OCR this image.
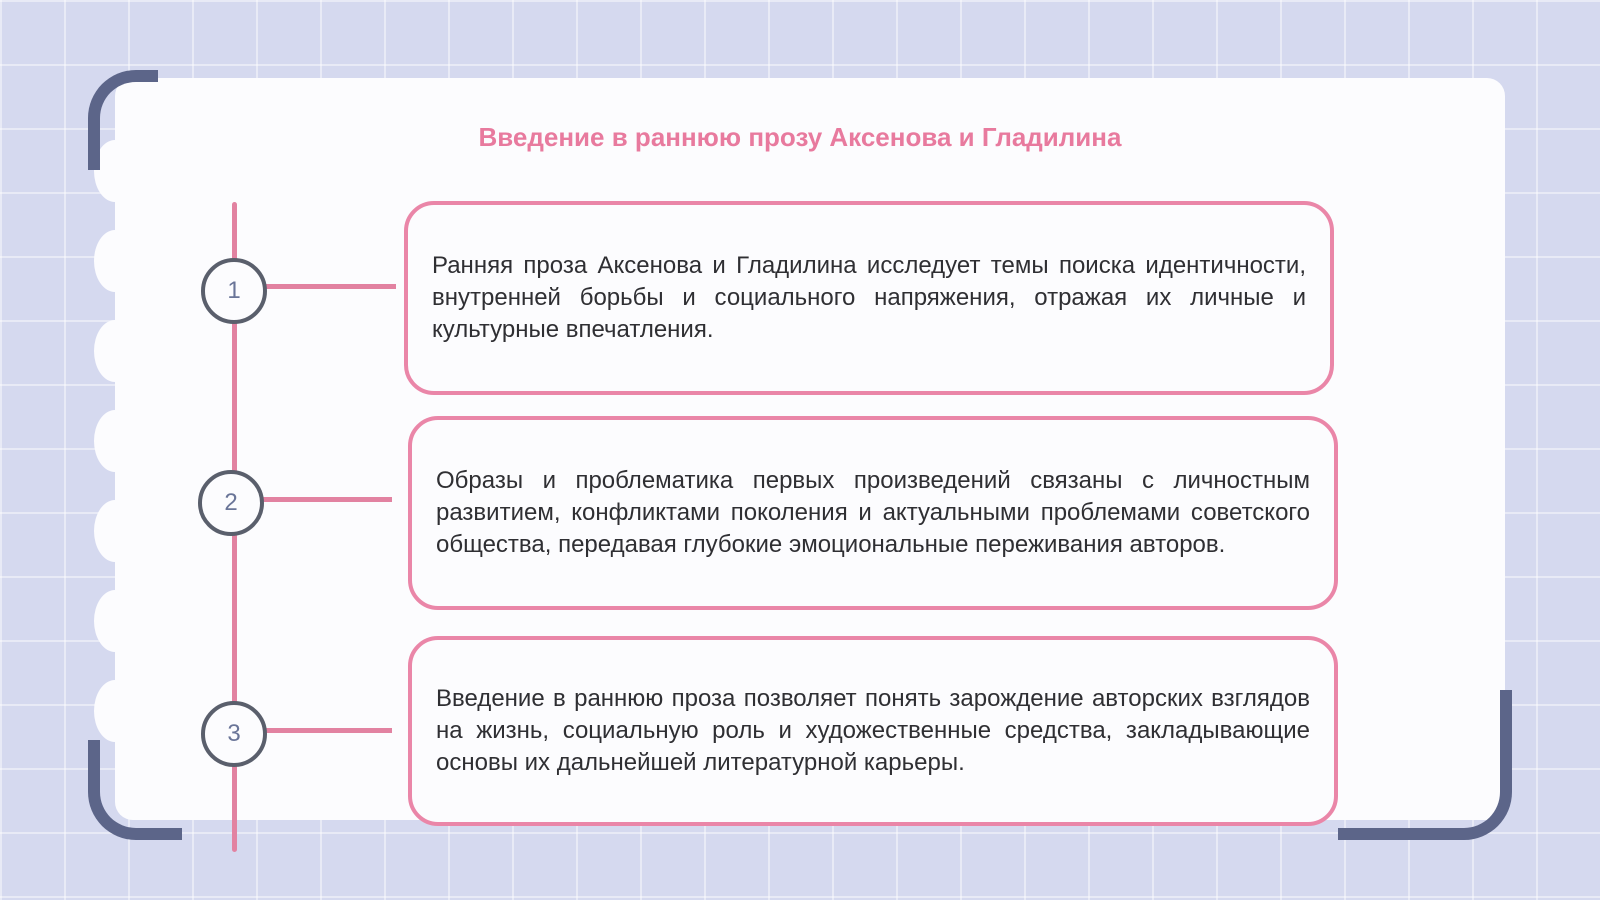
Введение в раннюю прозу Аксенова и Гладилина

Ранняя проза Аксенова и Гладилина исследует темы поиска идентичности, внутренней борьбы и социального напряжения, отражая их личные и культурные впечатления.

1

Образы и проблематика первых произведений связаны с личностным развитием, конфликтами поколения и актуальными проблемами советского общества, передавая глубокие эмоциональные переживания авторов.

2

Введение в раннюю проза позволяет понять зарождение авторских взглядов на жизнь, социальную роль и художественные средства, закладывающие основы их дальнейшей литературной карьеры.

3
